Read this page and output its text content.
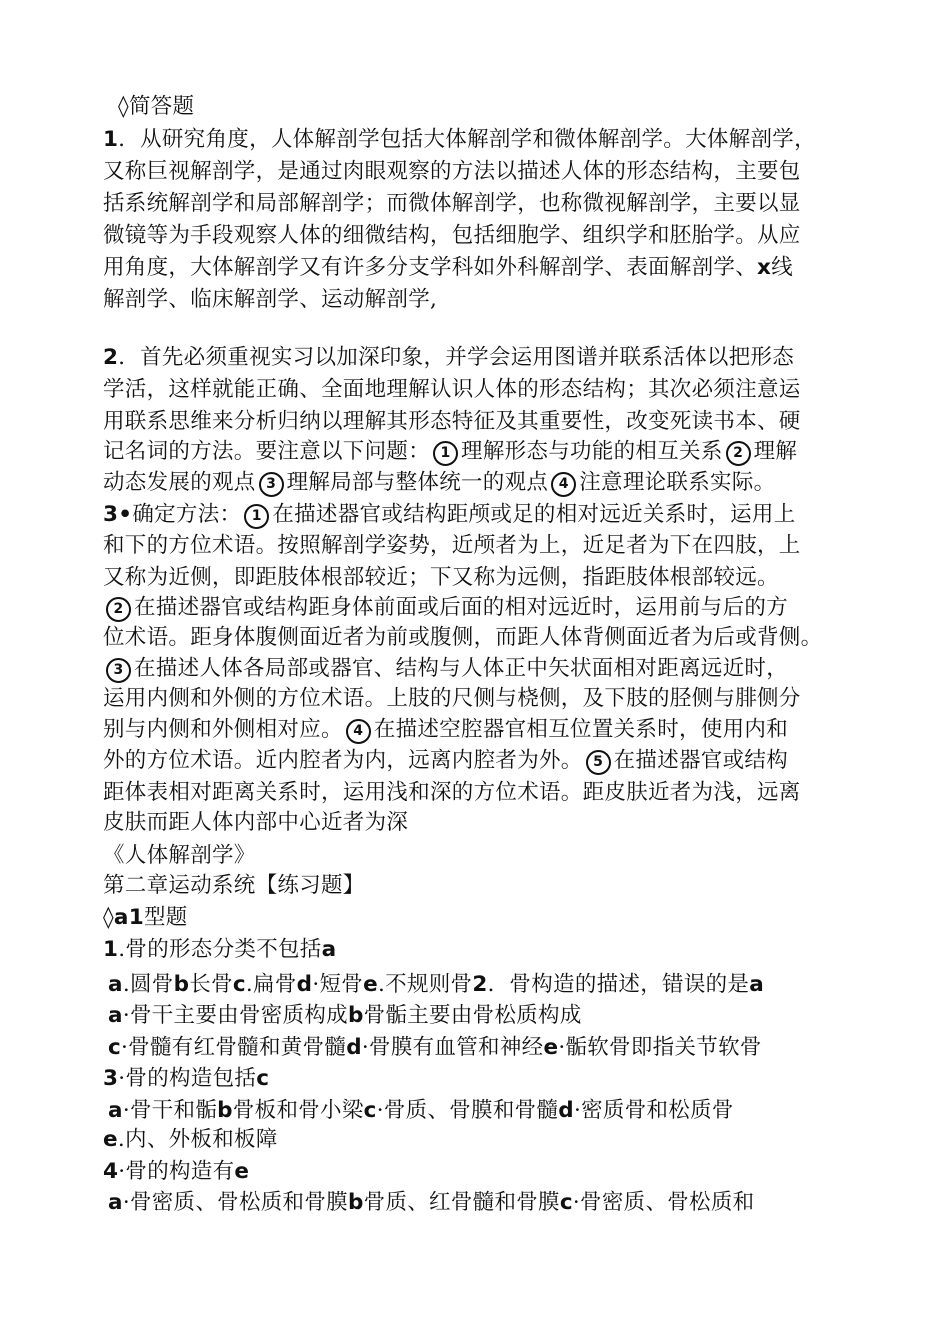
◊简答题
1．从研究角度，人体解剖学包括大体解剖学和微体解剖学。大体解剖学，
又称巨视解剖学，是通过肉眼观察的方法以描述人体的形态结构，主要包
括系统解剖学和局部解剖学；而微体解剖学，也称微视解剖学，主要以显
微镜等为手段观察人体的细微结构，包括细胞学、组织学和胚胎学。从应
用角度，大体解剖学又有许多分支学科如外科解剖学、表面解剖学、x线
解剖学、临床解剖学、运动解剖学,
2．首先必须重视实习以加深印象，并学会运用图谱并联系活体以把形态
学活，这样就能正确、全面地理解认识人体的形态结构；其次必须注意运
用联系思维来分析归纳以理解其形态特征及其重要性，改变死读书本、硬
记名词的方法。要注意以下问题： 1 理解形态与功能的相互关系 2 理解
动态发展的观点 3 理解局部与整体统一的观点 4 注意理论联系实际。
3•确定方法： 1 在描述器官或结构距颅或足的相对远近关系时，运用上
和下的方位术语。按照解剖学姿势，近颅者为上，近足者为下在四肢，上
又称为近侧，即距肢体根部较近；下又称为远侧，指距肢体根部较远。
2 在描述器官或结构距身体前面或后面的相对远近时，运用前与后的方
位术语。距身体腹侧面近者为前或腹侧，而距人体背侧面近者为后或背侧。
3 在描述人体各局部或器官、结构与人体正中矢状面相对距离远近时，
运用内侧和外侧的方位术语。上肢的尺侧与桡侧，及下肢的胫侧与腓侧分
别与内侧和外侧相对应。 4 在描述空腔器官相互位置关系时，使用内和
外的方位术语。近内腔者为内，远离内腔者为外。 5 在描述器官或结构
距体表相对距离关系时，运用浅和深的方位术语。距皮肤近者为浅，远离
皮肤而距人体内部中心近者为深
《人体解剖学》
第二章运动系统【练习题】
◊a1型题
1.骨的形态分类不包括a
a.圆骨b长骨c.扁骨d·短骨e.不规则骨2．骨构造的描述，错误的是a
a·骨干主要由骨密质构成b骨骺主要由骨松质构成
c·骨髓有红骨髓和黄骨髓d·骨膜有血管和神经e·骺软骨即指关节软骨
3·骨的构造包括c
a·骨干和骺b骨板和骨小梁c·骨质、骨膜和骨髓d·密质骨和松质骨
e.内、外板和板障
4·骨的构造有e
a·骨密质、骨松质和骨膜b骨质、红骨髓和骨膜c·骨密质、骨松质和
